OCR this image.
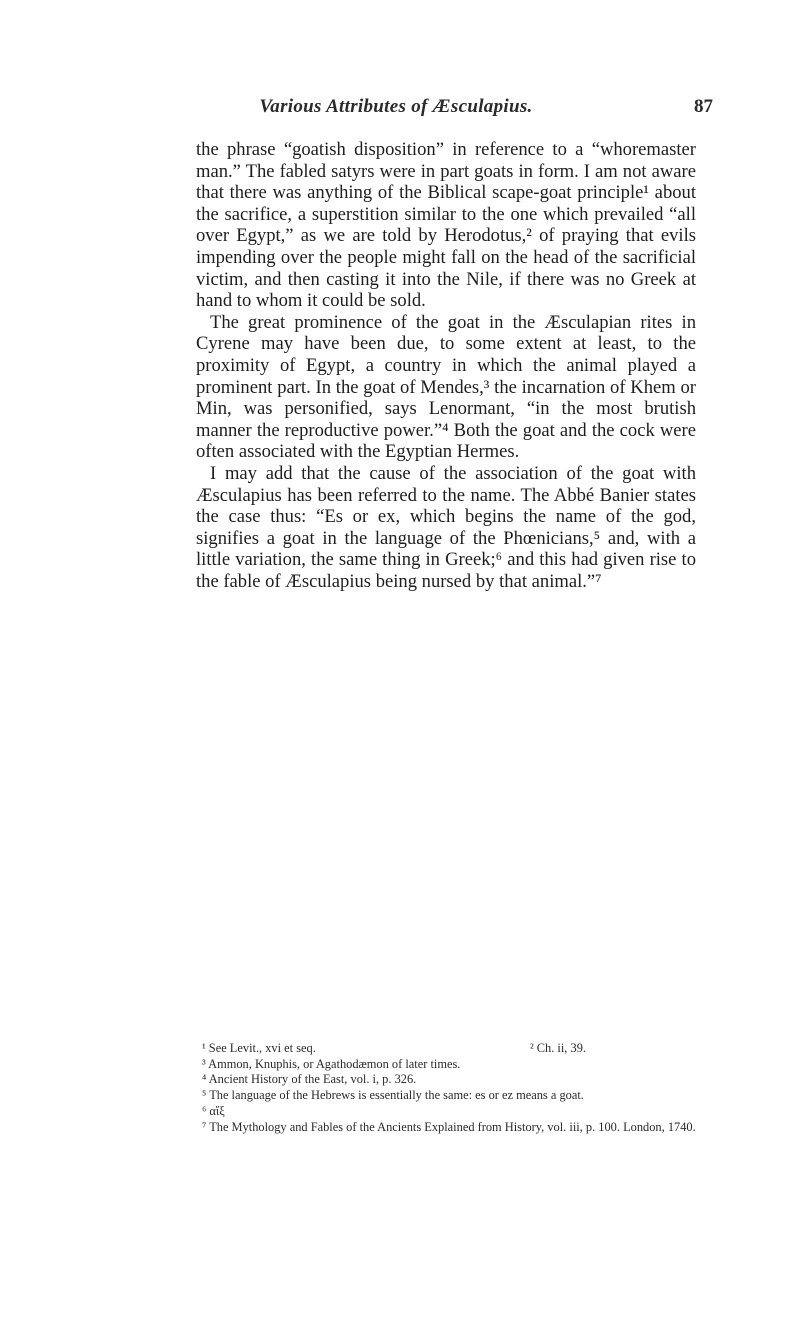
Various Attributes of Æsculapius.	87

the phrase “goatish disposition” in reference to a “whoremaster man.” The fabled satyrs were in part goats in form. I am not aware that there was anything of the Biblical scape-goat principle¹ about the sacrifice, a superstition similar to the one which prevailed “all over Egypt,” as we are told by Herodotus,² of praying that evils impending over the people might fall on the head of the sacrificial victim, and then casting it into the Nile, if there was no Greek at hand to whom it could be sold.

The great prominence of the goat in the Æsculapian rites in Cyrene may have been due, to some extent at least, to the proximity of Egypt, a country in which the animal played a prominent part. In the goat of Mendes,³ the incarnation of Khem or Min, was personified, says Lenormant, “in the most brutish manner the reproductive power.”⁴ Both the goat and the cock were often associated with the Egyptian Hermes.

I may add that the cause of the association of the goat with Æsculapius has been referred to the name. The Abbé Banier states the case thus: “Es or ex, which begins the name of the god, signifies a goat in the language of the Phœnicians,⁵ and, with a little variation, the same thing in Greek;⁶ and this had given rise to the fable of Æsculapius being nursed by that animal.”⁷

¹ See Levit., xvi et seq.	² Ch. ii, 39.

³ Ammon, Knuphis, or Agathodæmon of later times.

⁴ Ancient History of the East, vol. i, p. 326.

⁵ The language of the Hebrews is essentially the same: es or ez means a goat.

⁶ αἴξ

⁷ The Mythology and Fables of the Ancients Explained from History, vol. iii, p. 100. London, 1740.
